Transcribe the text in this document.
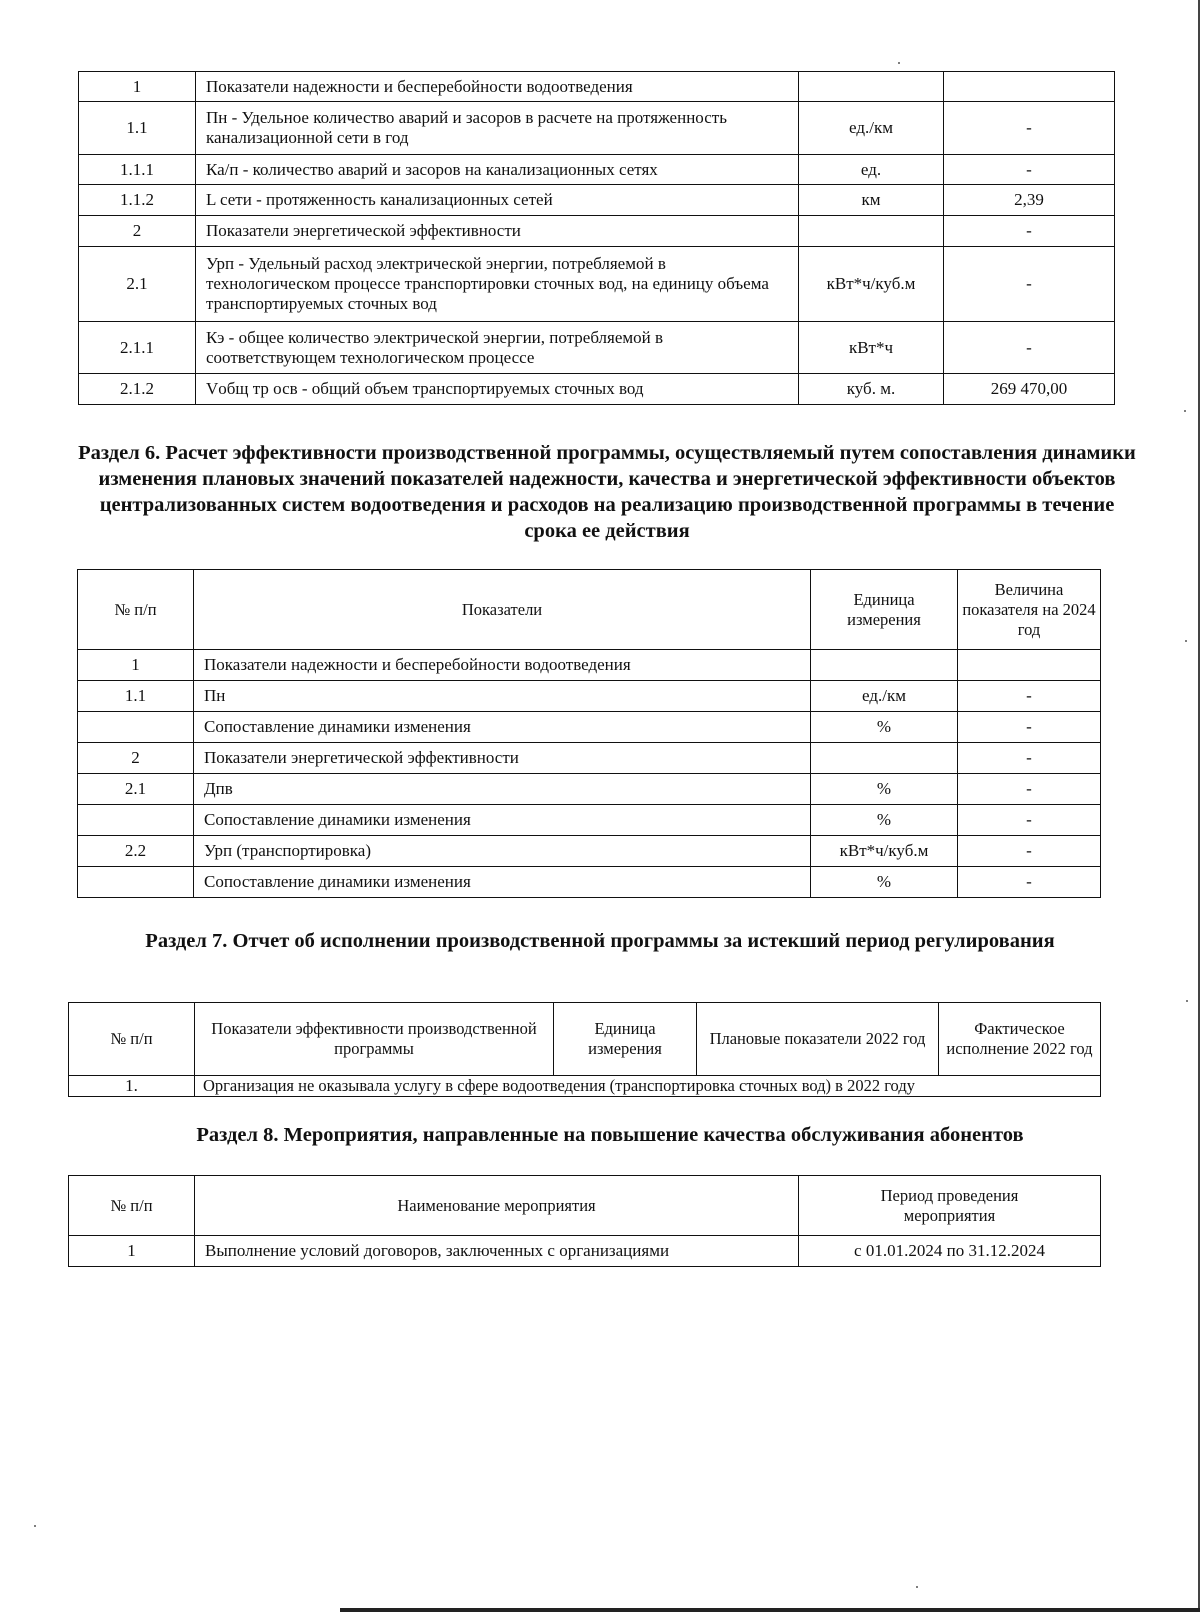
1	Показатели надежности и бесперебойности водоотведения		
1.1	Пн - Удельное количество аварий и засоров в расчете на протяженность канализационной сети в год	ед./км	-
1.1.1	Ка/п - количество аварий и засоров на канализационных сетях	ед.	-
1.1.2	L сети - протяженность канализационных сетей	км	2,39
2	Показатели энергетической эффективности		-
2.1	Урп - Удельный расход электрической энергии, потребляемой в технологическом процессе транспортировки сточных вод, на единицу объема транспортируемых сточных вод	кВт*ч/куб.м	-
2.1.1	Кэ - общее количество электрической энергии, потребляемой в соответствующем технологическом процессе	кВт*ч	-
2.1.2	Vобщ тр осв - общий объем транспортируемых сточных вод	куб. м.	269 470,00
Раздел 6. Расчет эффективности производственной программы, осуществляемый путем сопоставления динамики изменения плановых значений показателей надежности, качества и энергетической эффективности объектов централизованных систем водоотведения и расходов на реализацию производственной программы в течение срока ее действия
№ п/п	Показатели	Единица измерения	Величина показателя на 2024 год
1	Показатели надежности и бесперебойности водоотведения		
1.1	Пн	ед./км	-
	Сопоставление динамики изменения	%	-
2	Показатели энергетической эффективности		-
2.1	Дпв	%	-
	Сопоставление динамики изменения	%	-
2.2	Урп (транспортировка)	кВт*ч/куб.м	-
	Сопоставление динамики изменения	%	-
Раздел 7. Отчет об исполнении производственной программы за истекший период регулирования
№ п/п	Показатели эффективности производственной программы	Единица измерения	Плановые показатели 2022 год	Фактическое исполнение 2022 год
1.	Организация не оказывала услугу в сфере водоотведения (транспортировка сточных вод) в 2022 году			
Раздел 8. Мероприятия, направленные на повышение качества обслуживания абонентов
№ п/п	Наименование мероприятия	Период проведения мероприятия
1	Выполнение условий договоров, заключенных с организациями	с 01.01.2024 по 31.12.2024
